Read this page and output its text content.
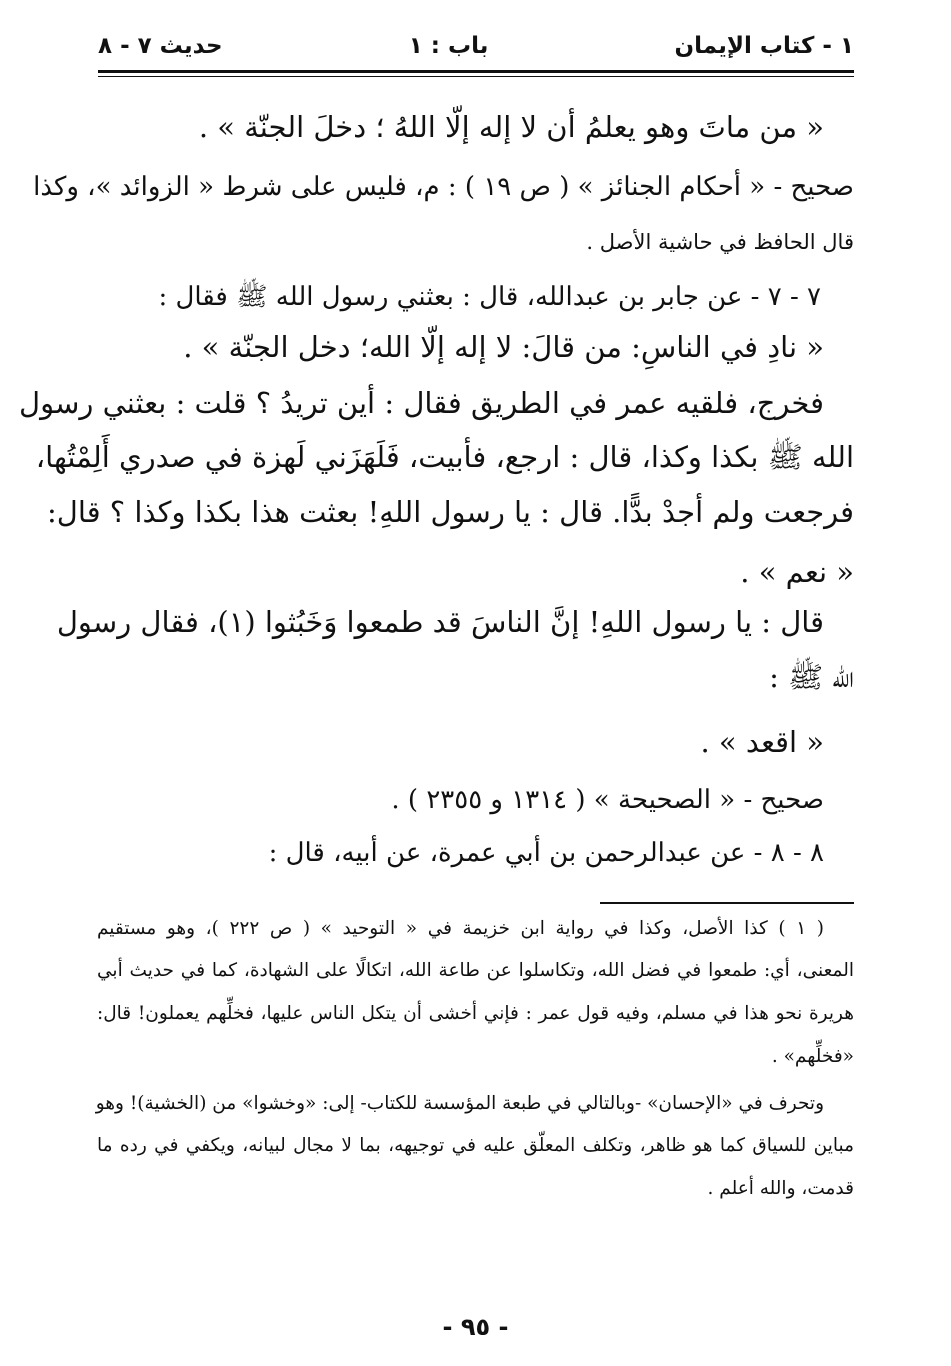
١ - كتاب الإيمان
باب : ١
حديث ٧ - ٨
« من ماتَ وهو يعلمُ أن لا إله إلّا اللهُ ؛ دخلَ الجنّة » .
صحيح - « أحكام الجنائز » ( ص ١٩ ) : م، فليس على شرط « الزوائد »، وكذا
قال الحافظ في حاشية الأصل .
٧ - ٧ - عن جابر بن عبدالله، قال : بعثني رسول الله ﷺ فقال :
« نادِ في الناسِ: من قالَ: لا إله إلّا الله؛ دخل الجنّة » .
فخرج، فلقيه عمر في الطريق فقال : أين تريدُ ؟ قلت : بعثني رسول
الله ﷺ بكذا وكذا، قال : ارجع، فأبيت، فَلَهَزَني لَهزة في صدري أَلِمْتُها،
فرجعت ولم أجدْ بدًّا. قال : يا رسول اللهِ! بعثت هذا بكذا وكذا ؟ قال:
« نعم » .
قال : يا رسول اللهِ! إنَّ الناسَ قد طمعوا وَخَبُثوا (١)، فقال رسول
الله ﷺ :
« اقعد » .
صحيح - « الصحيحة » ( ١٣١٤ و ٢٣٥٥ ) .
٨ - ٨ - عن عبدالرحمن بن أبي عمرة، عن أبيه، قال :
( ١ ) كذا الأصل، وكذا في رواية ابن خزيمة في « التوحيد » ( ص ٢٢٢ )، وهو مستقيم
المعنى، أي: طمعوا في فضل الله، وتكاسلوا عن طاعة الله، اتكالًا على الشهادة، كما في حديث أبي
هريرة نحو هذا في مسلم، وفيه قول عمر : فإني أخشى أن يتكل الناس عليها، فخلِّهم يعملون! قال:
«فخلِّهم» .
وتحرف في «الإحسان» -وبالتالي في طبعة المؤسسة للكتاب- إلى: «وخشوا» من (الخشية)! وهو
مباين للسياق كما هو ظاهر، وتكلف المعلّق عليه في توجيهه، بما لا مجال لبيانه، ويكفي في رده ما
قدمت، والله أعلم .
- ٩٥ -
